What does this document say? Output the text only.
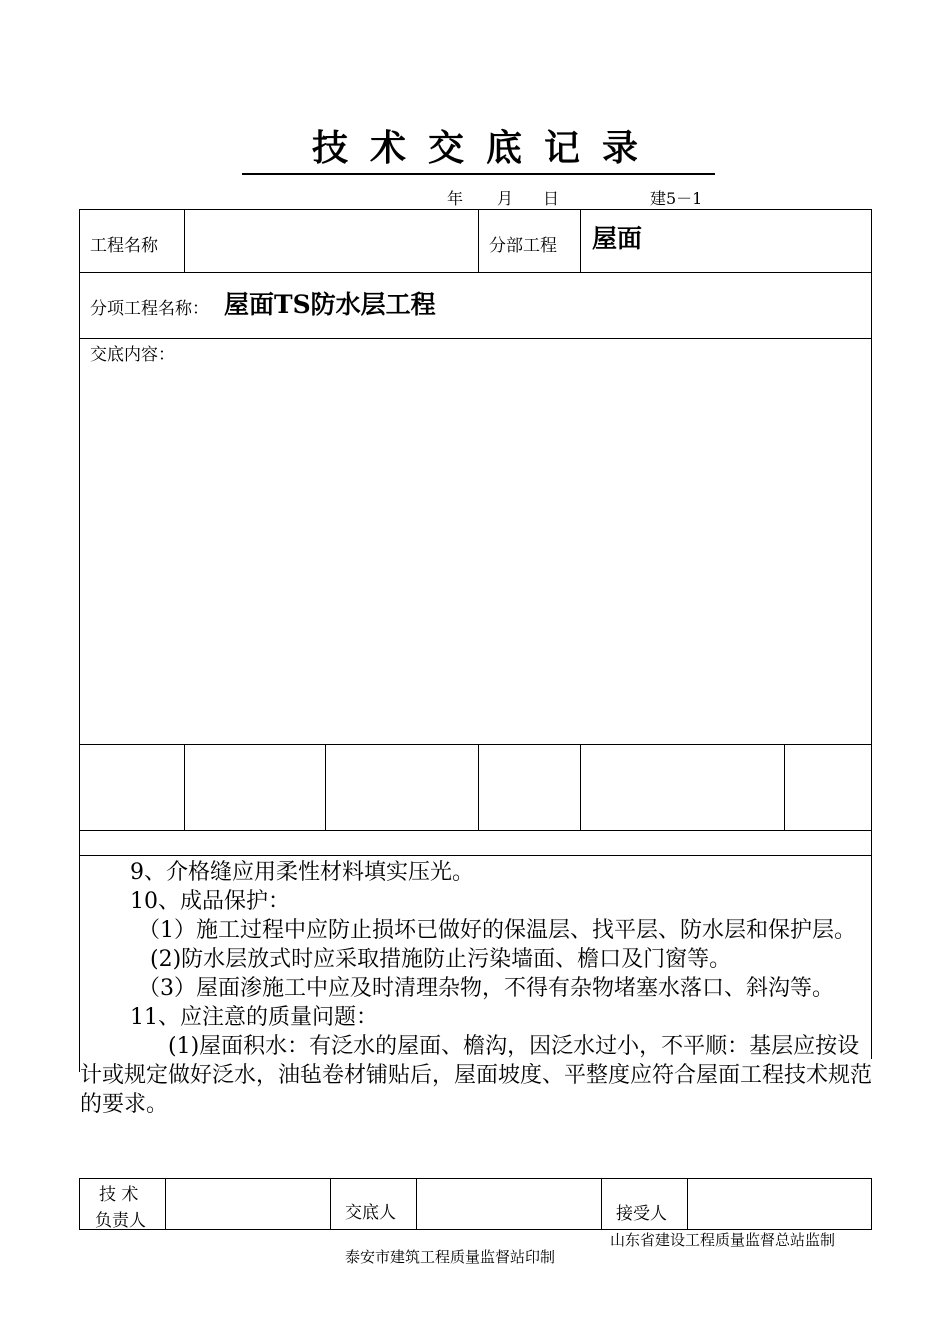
技术交底记录
年 月 日	建5－1
工程名称	分部工程 屋面
分项工程名称： 屋面TS防水层工程
交底内容：

9、介格缝应用柔性材料填实压光。

10、成品保护：

（1）施工过程中应防止损坏已做好的保温层、找平层、防水层和保护层。

(2)防水层放式时应采取措施防止污染墙面、檐口及门窗等。

（3）屋面渗施工中应及时清理杂物，不得有杂物堵塞水落口、斜沟等。

11、应注意的质量问题：

(1)屋面积水：有泛水的屋面、檐沟，因泛水过小，不平顺：基层应按设计或规定做好泛水，油毡卷材铺贴后，屋面坡度、平整度应符合屋面工程技术规范的要求。

技 术
负责人	交底人	接受人
山东省建设工程质量监督总站监制
泰安市建筑工程质量监督站印制
